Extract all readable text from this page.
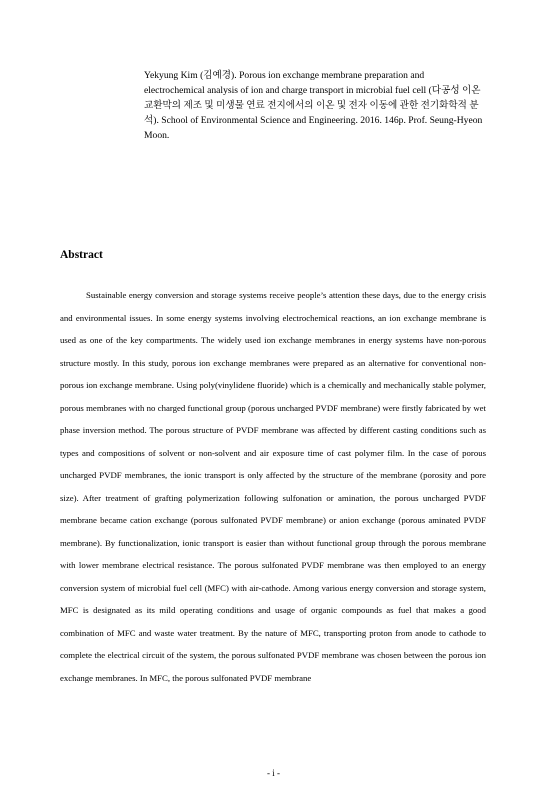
Yekyung Kim (김예경). Porous ion exchange membrane preparation and electrochemical analysis of ion and charge transport in microbial fuel cell (다공성 이온 교환막의 제조 및 미생물 연료 전지에서의 이온 및 전자 이동에 관한 전기화학적 분석). School of Environmental Science and Engineering. 2016. 146p. Prof. Seung-Hyeon Moon.
Abstract

Sustainable energy conversion and storage systems receive people’s attention these days, due to the energy crisis and environmental issues. In some energy systems involving electrochemical reactions, an ion exchange membrane is used as one of the key compartments. The widely used ion exchange membranes in energy systems have non-porous structure mostly. In this study, porous ion exchange membranes were prepared as an alternative for conventional non-porous ion exchange membrane. Using poly(vinylidene fluoride) which is a chemically and mechanically stable polymer, porous membranes with no charged functional group (porous uncharged PVDF membrane) were firstly fabricated by wet phase inversion method. The porous structure of PVDF membrane was affected by different casting conditions such as types and compositions of solvent or non-solvent and air exposure time of cast polymer film. In the case of porous uncharged PVDF membranes, the ionic transport is only affected by the structure of the membrane (porosity and pore size). After treatment of grafting polymerization following sulfonation or amination, the porous uncharged PVDF membrane became cation exchange (porous sulfonated PVDF membrane) or anion exchange (porous aminated PVDF membrane). By functionalization, ionic transport is easier than without functional group through the porous membrane with lower membrane electrical resistance. The porous sulfonated PVDF membrane was then employed to an energy conversion system of microbial fuel cell (MFC) with air-cathode. Among various energy conversion and storage system, MFC is designated as its mild operating conditions and usage of organic compounds as fuel that makes a good combination of MFC and waste water treatment. By the nature of MFC, transporting proton from anode to cathode to complete the electrical circuit of the system, the porous sulfonated PVDF membrane was chosen between the porous ion exchange membranes. In MFC, the porous sulfonated PVDF membrane

- i -
